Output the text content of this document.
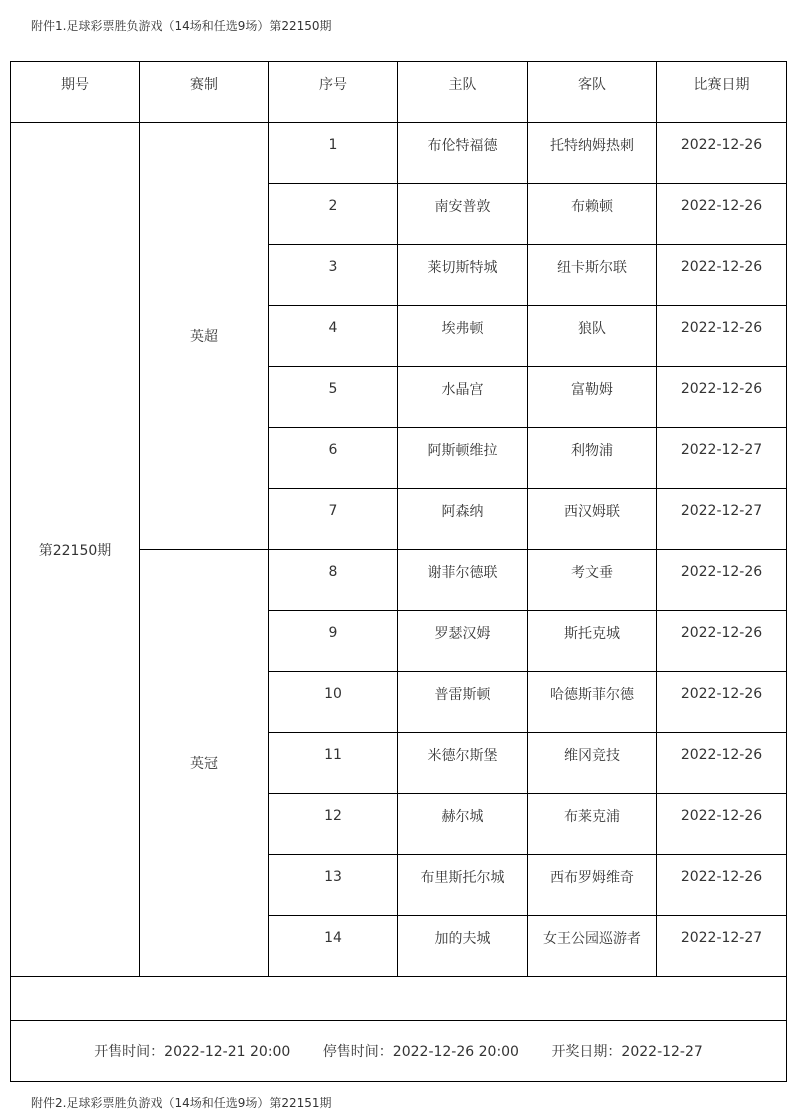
附件1.足球彩票胜负游戏（14场和任选9场）第22150期
期号	赛制	序号	主队	客队	比赛日期

第22150期	英超	1	布伦特福德	托特纳姆热刺	2022-12-26

		2	南安普敦	布赖顿	2022-12-26

		3	莱切斯特城	纽卡斯尔联	2022-12-26

		4	埃弗顿	狼队	2022-12-26

		5	水晶宫	富勒姆	2022-12-26

		6	阿斯顿维拉	利物浦	2022-12-27

		7	阿森纳	西汉姆联	2022-12-27

	英冠	8	谢菲尔德联	考文垂	2022-12-26

		9	罗瑟汉姆	斯托克城	2022-12-26

		10	普雷斯顿	哈德斯菲尔德	2022-12-26

		11	米德尔斯堡	维冈竞技	2022-12-26

		12	赫尔城	布莱克浦	2022-12-26

		13	布里斯托尔城	西布罗姆维奇	2022-12-26

		14	加的夫城	女王公园巡游者	2022-12-27

开售时间：2022-12-21 20:00 停售时间：2022-12-26 20:00 开奖日期：2022-12-27					
附件2.足球彩票胜负游戏（14场和任选9场）第22151期
